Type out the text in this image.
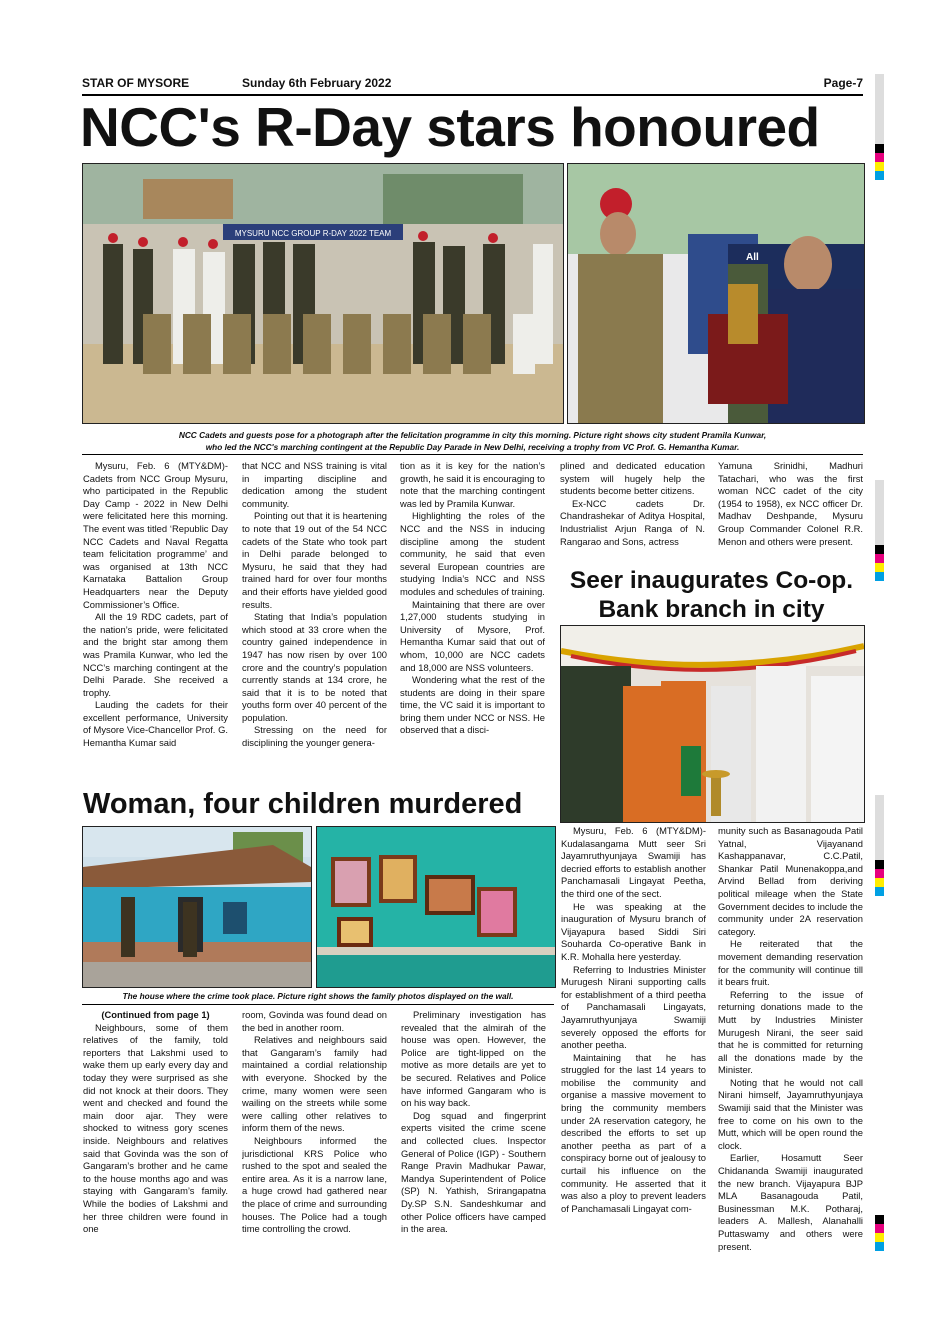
STAR OF MYSORE	Sunday 6th February 2022	Page-7
NCC's R-Day stars honoured
MYSURU NCC GROUP R-DAY 2022 TEAM
All
NCC Cadets and guests pose for a photograph after the felicitation programme in city this morning. Picture right shows city student Pramila Kunwar,
who led the NCC's marching contingent at the Republic Day Parade in New Delhi, receiving a trophy from VC Prof. G. Hemantha Kumar.

Mysuru, Feb. 6 (MTY&DM)- Cadets from NCC Group Mysuru, who participated in the Republic Day Camp - 2022 in New Delhi were felicitated here this morning. The event was titled ‘Republic Day NCC Cadets and Naval Regatta team felicitation programme’ and was organised at 13th NCC Karnataka Battalion Group Headquarters near the Deputy Commissioner’s Office.

All the 19 RDC cadets, part of the nation’s pride, were felicitated and the bright star among them was Pramila Kunwar, who led the NCC’s marching contingent at the Delhi Parade. She received a trophy.

Lauding the cadets for their excellent performance, University of Mysore Vice-Chancellor Prof. G. Hemantha Kumar said

that NCC and NSS training is vital in imparting discipline and dedication among the student community.

Pointing out that it is heartening to note that 19 out of the 54 NCC cadets of the State who took part in Delhi parade belonged to Mysuru, he said that they had trained hard for over four months and their efforts have yielded good results.

Stating that India’s population which stood at 33 crore when the country gained independence in 1947 has now risen by over 100 crore and the country’s population currently stands at 134 crore, he said that it is to be noted that youths form over 40 percent of the population.

Stressing on the need for disciplining the younger genera-

tion as it is key for the nation’s growth, he said it is encouraging to note that the marching contingent was led by Pramila Kunwar.

Highlighting the roles of the NCC and the NSS in inducing discipline among the student community, he said that even several European countries are studying India’s NCC and NSS modules and schedules of training.

Maintaining that there are over 1,27,000 students studying in University of Mysore, Prof. Hemantha Kumar said that out of whom, 10,000 are NCC cadets and 18,000 are NSS volunteers.

Wondering what the rest of the students are doing in their spare time, the VC said it is important to bring them under NCC or NSS. He observed that a disci-

plined and dedicated education system will hugely help the students become better citizens.

Ex-NCC cadets Dr. Chandrashekar of Aditya Hospital, Industrialist Arjun Ranga of N. Rangarao and Sons, actress

Yamuna Srinidhi, Madhuri Tatachari, who was the first woman NCC cadet of the city (1954 to 1958), ex NCC officer Dr. Madhav Deshpande, Mysuru Group Commander Colonel R.R. Menon and others were present.

Seer inaugurates Co-op.
Bank branch in city
Woman, four children murdered
The house where the crime took place. Picture right shows the family photos displayed on the wall.

(Continued from page 1)

Neighbours, some of them relatives of the family, told reporters that Lakshmi used to wake them up early every day and today they were surprised as she did not knock at their doors. They went and checked and found the main door ajar. They were shocked to witness gory scenes inside. Neighbours and relatives said that Govinda was the son of Gangaram’s brother and he came to the house months ago and was staying with Gangaram’s family. While the bodies of Lakshmi and her three children were found in one

room, Govinda was found dead on the bed in another room.

Relatives and neighbours said that Gangaram’s family had maintained a cordial relationship with everyone. Shocked by the crime, many women were seen wailing on the streets while some were calling other relatives to inform them of the news.

Neighbours informed the jurisdictional KRS Police who rushed to the spot and sealed the entire area. As it is a narrow lane, a huge crowd had gathered near the place of crime and surrounding houses. The Police had a tough time controlling the crowd.

Preliminary investigation has revealed that the almirah of the house was open. However, the Police are tight-lipped on the motive as more details are yet to be secured. Relatives and Police have informed Gangaram who is on his way back.

Dog squad and fingerprint experts visited the crime scene and collected clues. Inspector General of Police (IGP) - Southern Range Pravin Madhukar Pawar, Mandya Superintendent of Police (SP) N. Yathish, Srirangapatna Dy.SP S.N. Sandeshkumar and other Police officers have camped in the area.

Mysuru, Feb. 6 (MTY&DM)- Kudalasangama Mutt seer Sri Jayamruthyunjaya Swamiji has decried efforts to establish another Panchamasali Lingayat Peetha, the third one of the sect.

He was speaking at the inauguration of Mysuru branch of Vijayapura based Siddi Siri Souharda Co-operative Bank in K.R. Mohalla here yesterday.

Referring to Industries Minister Murugesh Nirani supporting calls for establishment of a third peetha of Panchamasali Lingayats, Jayamruthyunjaya Swamiji severely opposed the efforts for another peetha.

Maintaining that he has struggled for the last 14 years to mobilise the community and organise a massive movement to bring the community members under 2A reservation category, he described the efforts to set up another peetha as part of a conspiracy borne out of jealousy to curtail his influence on the community. He asserted that it was also a ploy to prevent leaders of Panchamasali Lingayat com-

munity such as Basanagouda Patil Yatnal, Vijayanand Kashappanavar, C.C.Patil, Shankar Patil Munenakoppa,and Arvind Bellad from deriving political mileage when the State Government decides to include the community under 2A reservation category.

He reiterated that the movement demanding reservation for the community will continue till it bears fruit.

Referring to the issue of returning donations made to the Mutt by Industries Minister Murugesh Nirani, the seer said that he is committed for returning all the donations made by the Minister.

Noting that he would not call Nirani himself, Jayamruthyunjaya Swamiji said that the Minister was free to come on his own to the Mutt, which will be open round the clock.

Earlier, Hosamutt Seer Chidananda Swamiji inaugurated the new branch. Vijayapura BJP MLA Basanagouda Patil, Businessman M.K. Potharaj, leaders A. Mallesh, Alanahalli Puttaswamy and others were present.
